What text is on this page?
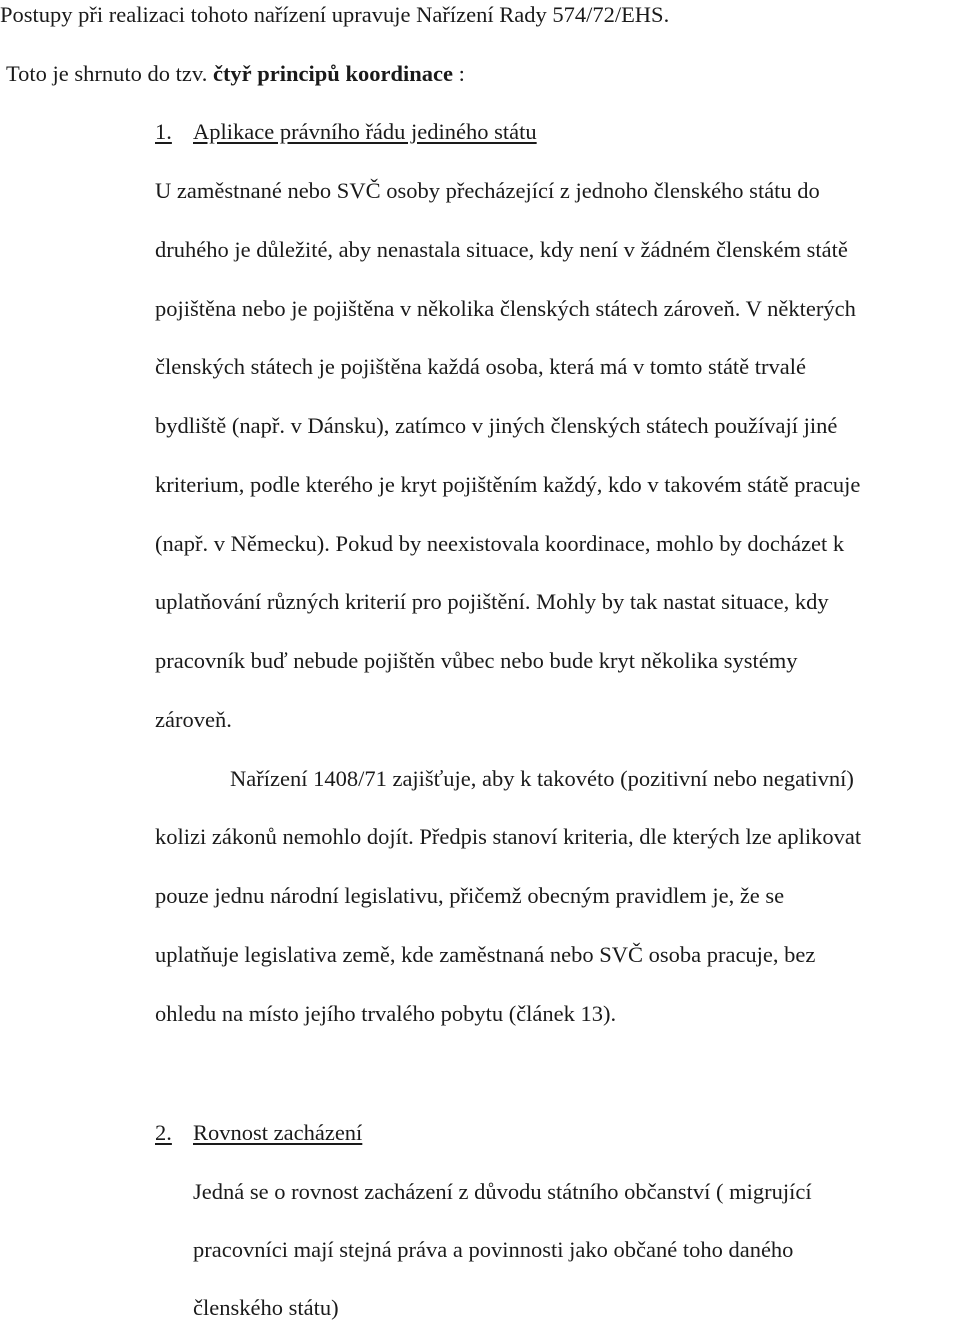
Postupy při realizaci tohoto nařízení upravuje Nařízení Rady 574/72/EHS.
Toto je shrnuto do tzv. čtyř principů koordinace :
1. Aplikace právního řádu jediného státu
U zaměstnané nebo SVČ osoby přecházející z jednoho členského státu do
druhého je důležité, aby nenastala situace, kdy není v žádném členském státě
pojištěna nebo je pojištěna v několika členských státech zároveň. V některých
členských státech je pojištěna každá osoba, která má v tomto státě trvalé
bydliště (např. v Dánsku), zatímco v jiných členských státech používají jiné
kriterium, podle kterého je kryt pojištěním každý, kdo v takovém státě pracuje
(např. v Německu). Pokud by neexistovala koordinace, mohlo by docházet k
uplatňování různých kriterií pro pojištění. Mohly by tak nastat situace, kdy
pracovník buď nebude pojištěn vůbec nebo bude kryt několika systémy
zároveň.
Nařízení 1408/71 zajišťuje, aby k takovéto (pozitivní nebo negativní)
kolizi zákonů nemohlo dojít. Předpis stanoví kriteria, dle kterých lze aplikovat
pouze jednu národní legislativu, přičemž obecným pravidlem je, že se
uplatňuje legislativa země, kde zaměstnaná nebo SVČ osoba pracuje, bez
ohledu na místo jejího trvalého pobytu (článek 13).
2. Rovnost zacházení
Jedná se o rovnost zacházení z důvodu státního občanství ( migrující
pracovníci mají stejná práva a povinnosti jako občané toho daného
členského státu)
